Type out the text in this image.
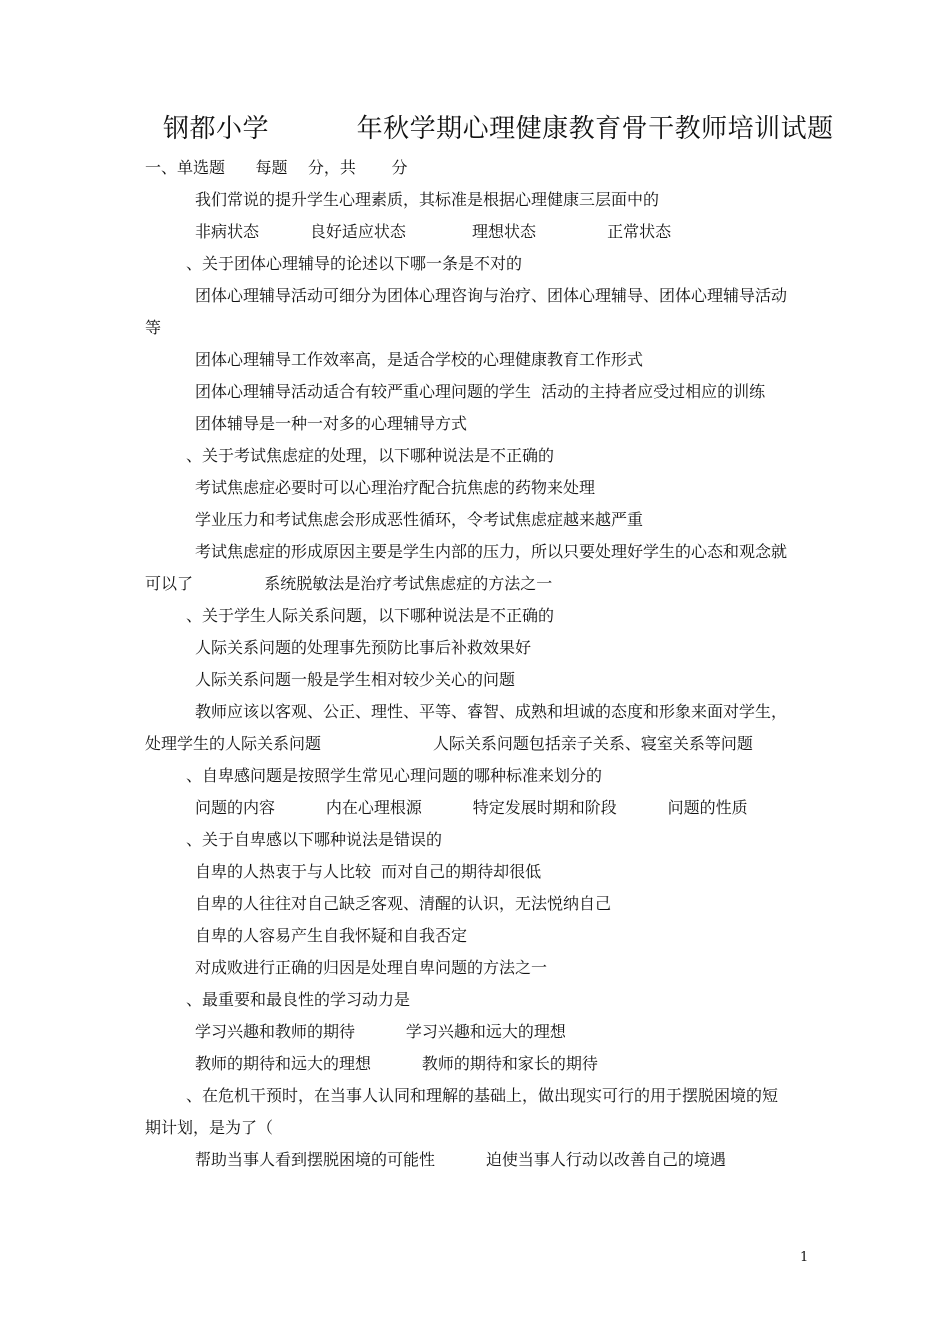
钢都小学          年秋学期心理健康教育骨干教师培训试题
一、单选题      每题    分，共       分
我们常说的提升学生心理素质，其标准是根据心理健康三层面中的
非病状态          良好适应状态             理想状态              正常状态
、关于团体心理辅导的论述以下哪一条是不对的
团体心理辅导活动可细分为团体心理咨询与治疗、团体心理辅导、团体心理辅导活动
等
团体心理辅导工作效率高，是适合学校的心理健康教育工作形式
团体心理辅导活动适合有较严重心理问题的学生  活动的主持者应受过相应的训练
团体辅导是一种一对多的心理辅导方式
、关于考试焦虑症的处理，以下哪种说法是不正确的
考试焦虑症必要时可以心理治疗配合抗焦虑的药物来处理
学业压力和考试焦虑会形成恶性循环，令考试焦虑症越来越严重
考试焦虑症的形成原因主要是学生内部的压力，所以只要处理好学生的心态和观念就
可以了              系统脱敏法是治疗考试焦虑症的方法之一
、关于学生人际关系问题，以下哪种说法是不正确的
人际关系问题的处理事先预防比事后补救效果好
人际关系问题一般是学生相对较少关心的问题
教师应该以客观、公正、理性、平等、睿智、成熟和坦诚的态度和形象来面对学生，
处理学生的人际关系问题                      人际关系问题包括亲子关系、寝室关系等问题
、自卑感问题是按照学生常见心理问题的哪种标准来划分的
问题的内容          内在心理根源          特定发展时期和阶段          问题的性质
、关于自卑感以下哪种说法是错误的
自卑的人热衷于与人比较  而对自己的期待却很低
自卑的人往往对自己缺乏客观、清醒的认识，无法悦纳自己
自卑的人容易产生自我怀疑和自我否定
对成败进行正确的归因是处理自卑问题的方法之一
、最重要和最良性的学习动力是
学习兴趣和教师的期待          学习兴趣和远大的理想
教师的期待和远大的理想          教师的期待和家长的期待
、在危机干预时，在当事人认同和理解的基础上，做出现实可行的用于摆脱困境的短
期计划，是为了（
帮助当事人看到摆脱困境的可能性          迫使当事人行动以改善自己的境遇
1
